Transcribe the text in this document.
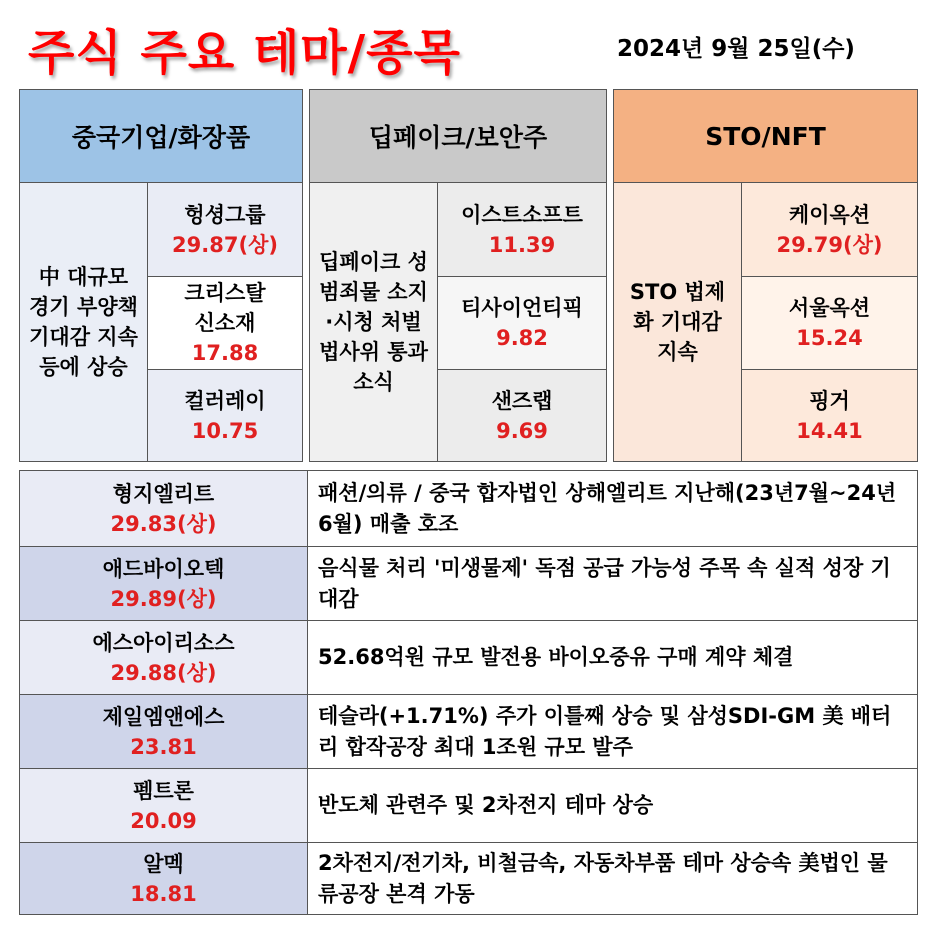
주식 주요 테마/종목	2024년 9월 25일(수)
중국기업/화장품
中 대규모 경기 부양책 기대감 지속 등에 상승
헝셩그룹
29.87(상)
크리스탈
신소재
17.88
컬러레이
10.75
딥페이크/보안주
딥페이크 성범죄물 소지·시청 처벌 법사위 통과 소식
이스트소프트
11.39
티사이언티픽
9.82
샌즈랩
9.69
STO/NFT
STO 법제화 기대감 지속
케이옥션
29.79(상)
서울옥션
15.24
핑거
14.41
형지엘리트
29.83(상)
패션/의류 / 중국 합자법인 상해엘리트 지난해(23년7월~24년6월) 매출 호조
애드바이오텍
29.89(상)
음식물 처리 '미생물제' 독점 공급 가능성 주목 속 실적 성장 기대감
에스아이리소스
29.88(상)
52.68억원 규모 발전용 바이오중유 구매 계약 체결
제일엠앤에스
23.81
테슬라(+1.71%) 주가 이틀째 상승 및 삼성SDI-GM 美 배터리 합작공장 최대 1조원 규모 발주
펨트론
20.09
반도체 관련주 및 2차전지 테마 상승
알멕
18.81
2차전지/전기차, 비철금속, 자동차부품 테마 상승속 美법인 물류공장 본격 가동
